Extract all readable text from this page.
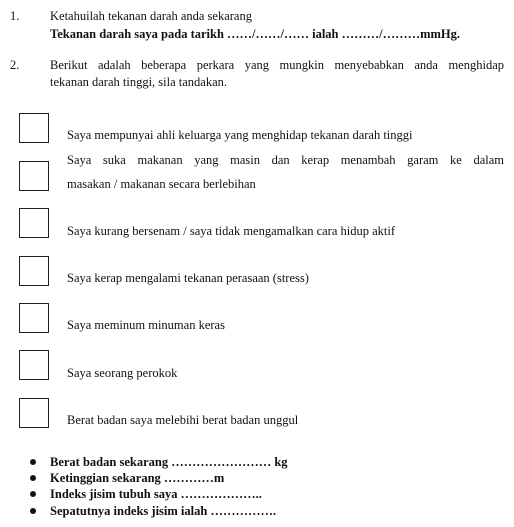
1. Ketahuilah tekanan darah anda sekarang
Tekanan darah saya pada tarikh ……/……/…… ialah ………/………mmHg.
2. Berikut adalah beberapa perkara yang mungkin menyebabkan anda menghidap
tekanan darah tinggi, sila tandakan.
Saya mempunyai ahli keluarga yang menghidap tekanan darah tinggi
Saya suka makanan yang masin dan kerap menambah garam ke dalam
masakan / makanan secara berlebihan
Saya kurang bersenam / saya tidak mengamalkan cara hidup aktif
Saya kerap mengalami tekanan perasaan (stress)
Saya meminum minuman keras
Saya seorang perokok
Berat badan saya melebihi berat badan unggul
Berat badan sekarang …………………… kg
Ketinggian sekarang …………m
Indeks jisim tubuh saya ………………..
Sepatutnya indeks jisim ialah …………….
